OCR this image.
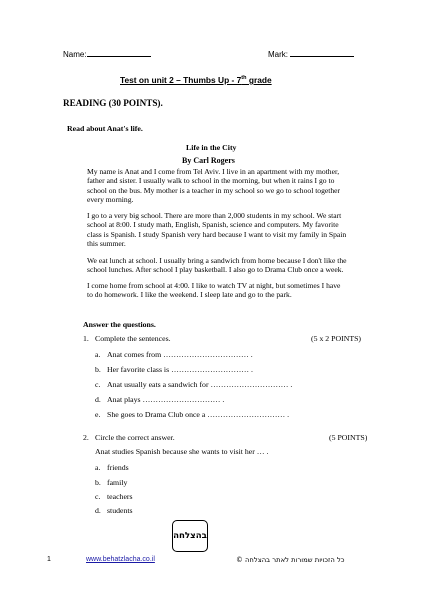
Name:	Mark:
Test on unit 2 – Thumbs Up - 7th grade
READING (30 POINTS).
Read about Anat's life.
Life in the City
By Carl Rogers
My name is Anat and I come from Tel Aviv. I live in an apartment with my mother, father and sister. I usually walk to school in the morning, but when it rains I go to school on the bus. My mother is a teacher in my school so we go to school together every morning.
I go to a very big school. There are more than 2,000 students in my school. We start school at 8:00. I study math, English, Spanish, science and computers. My favorite class is Spanish. I study Spanish very hard because I want to visit my family in Spain this summer.
We eat lunch at school. I usually bring a sandwich from home because I don't like the school lunches. After school I play basketball. I also go to Drama Club once a week.
I come home from school at 4:00. I like to watch TV at night, but sometimes I have to do homework. I like the weekend. I sleep late and go to the park.
Answer the questions.
1. Complete the sentences.	(5 x 2 POINTS)
a. Anat comes from …………………………… .
b. Her favorite class is ………………………… .
c. Anat usually eats a sandwich for ………………………… .
d. Anat plays ………………………… .
e. She goes to Drama Club once a ………………………… .
2. Circle the correct answer.	(5 POINTS)
Anat studies Spanish because she wants to visit her … .
a. friends
b. family
c. teachers
d. students
בהצלחה
1	www.behatzlacha.co.il	כל הזכויות שמורות לאתר בהצלחה ©
